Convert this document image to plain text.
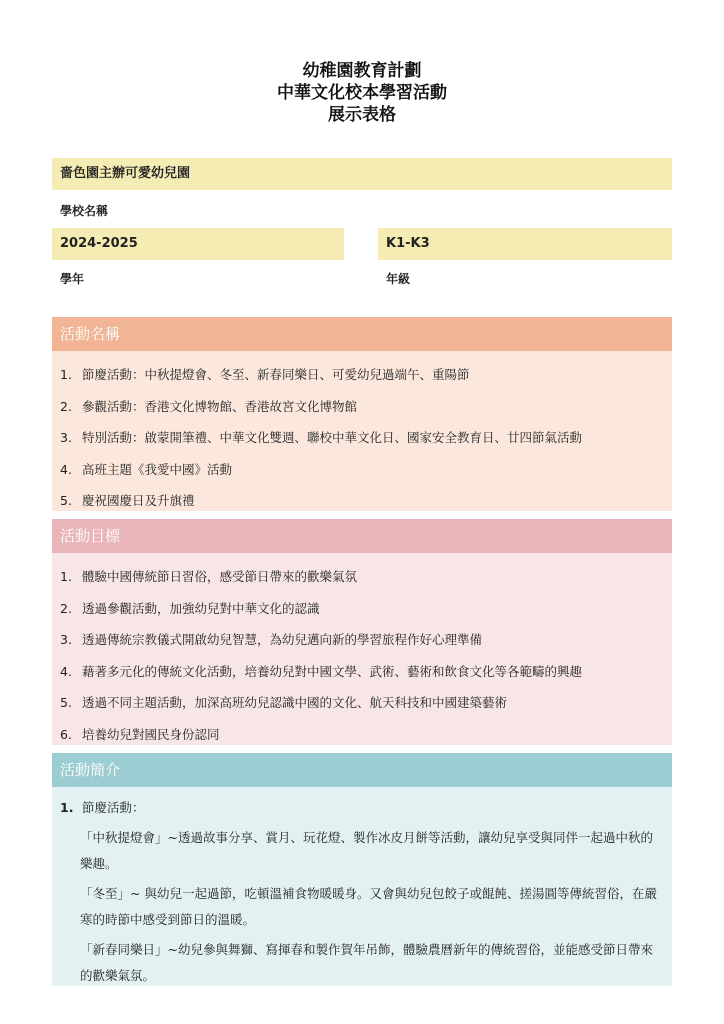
幼稚園教育計劃
中華文化校本學習活動
展示表格
嗇色園主辦可愛幼兒園
學校名稱
2024-2025
學年
K1-K3
年級
活動名稱
1. 節慶活動：中秋提燈會、冬至、新春同樂日、可愛幼兒過端午、重陽節
2. 參觀活動：香港文化博物館、香港故宮文化博物館
3. 特別活動：啟蒙開筆禮、中華文化雙週、聯校中華文化日、國家安全教育日、廿四節氣活動
4. 高班主題《我愛中國》活動
5. 慶祝國慶日及升旗禮
活動目標
1. 體驗中國傳統節日習俗，感受節日帶來的歡樂氣氛
2. 透過參觀活動，加強幼兒對中華文化的認識
3. 透過傳統宗教儀式開啟幼兒智慧，為幼兒邁向新的學習旅程作好心理準備
4. 藉著多元化的傳統文化活動，培養幼兒對中國文學、武術、藝術和飲食文化等各範疇的興趣
5. 透過不同主題活動，加深高班幼兒認識中國的文化、航天科技和中國建築藝術
6. 培養幼兒對國民身份認同
活動簡介
1. 節慶活動：
「中秋提燈會」~透過故事分享、賞月、玩花燈、製作冰皮月餅等活動，讓幼兒享受與同伴一起過中秋的樂趣。
「冬至」~ 與幼兒一起過節，吃頓溫補食物暖暖身。又會與幼兒包餃子或餛飩、搓湯圓等傳統習俗，在嚴寒的時節中感受到節日的溫暖。
「新春同樂日」~幼兒參與舞獅、寫揮春和製作賀年吊飾，體驗農曆新年的傳統習俗，並能感受節日帶來的歡樂氣氛。
